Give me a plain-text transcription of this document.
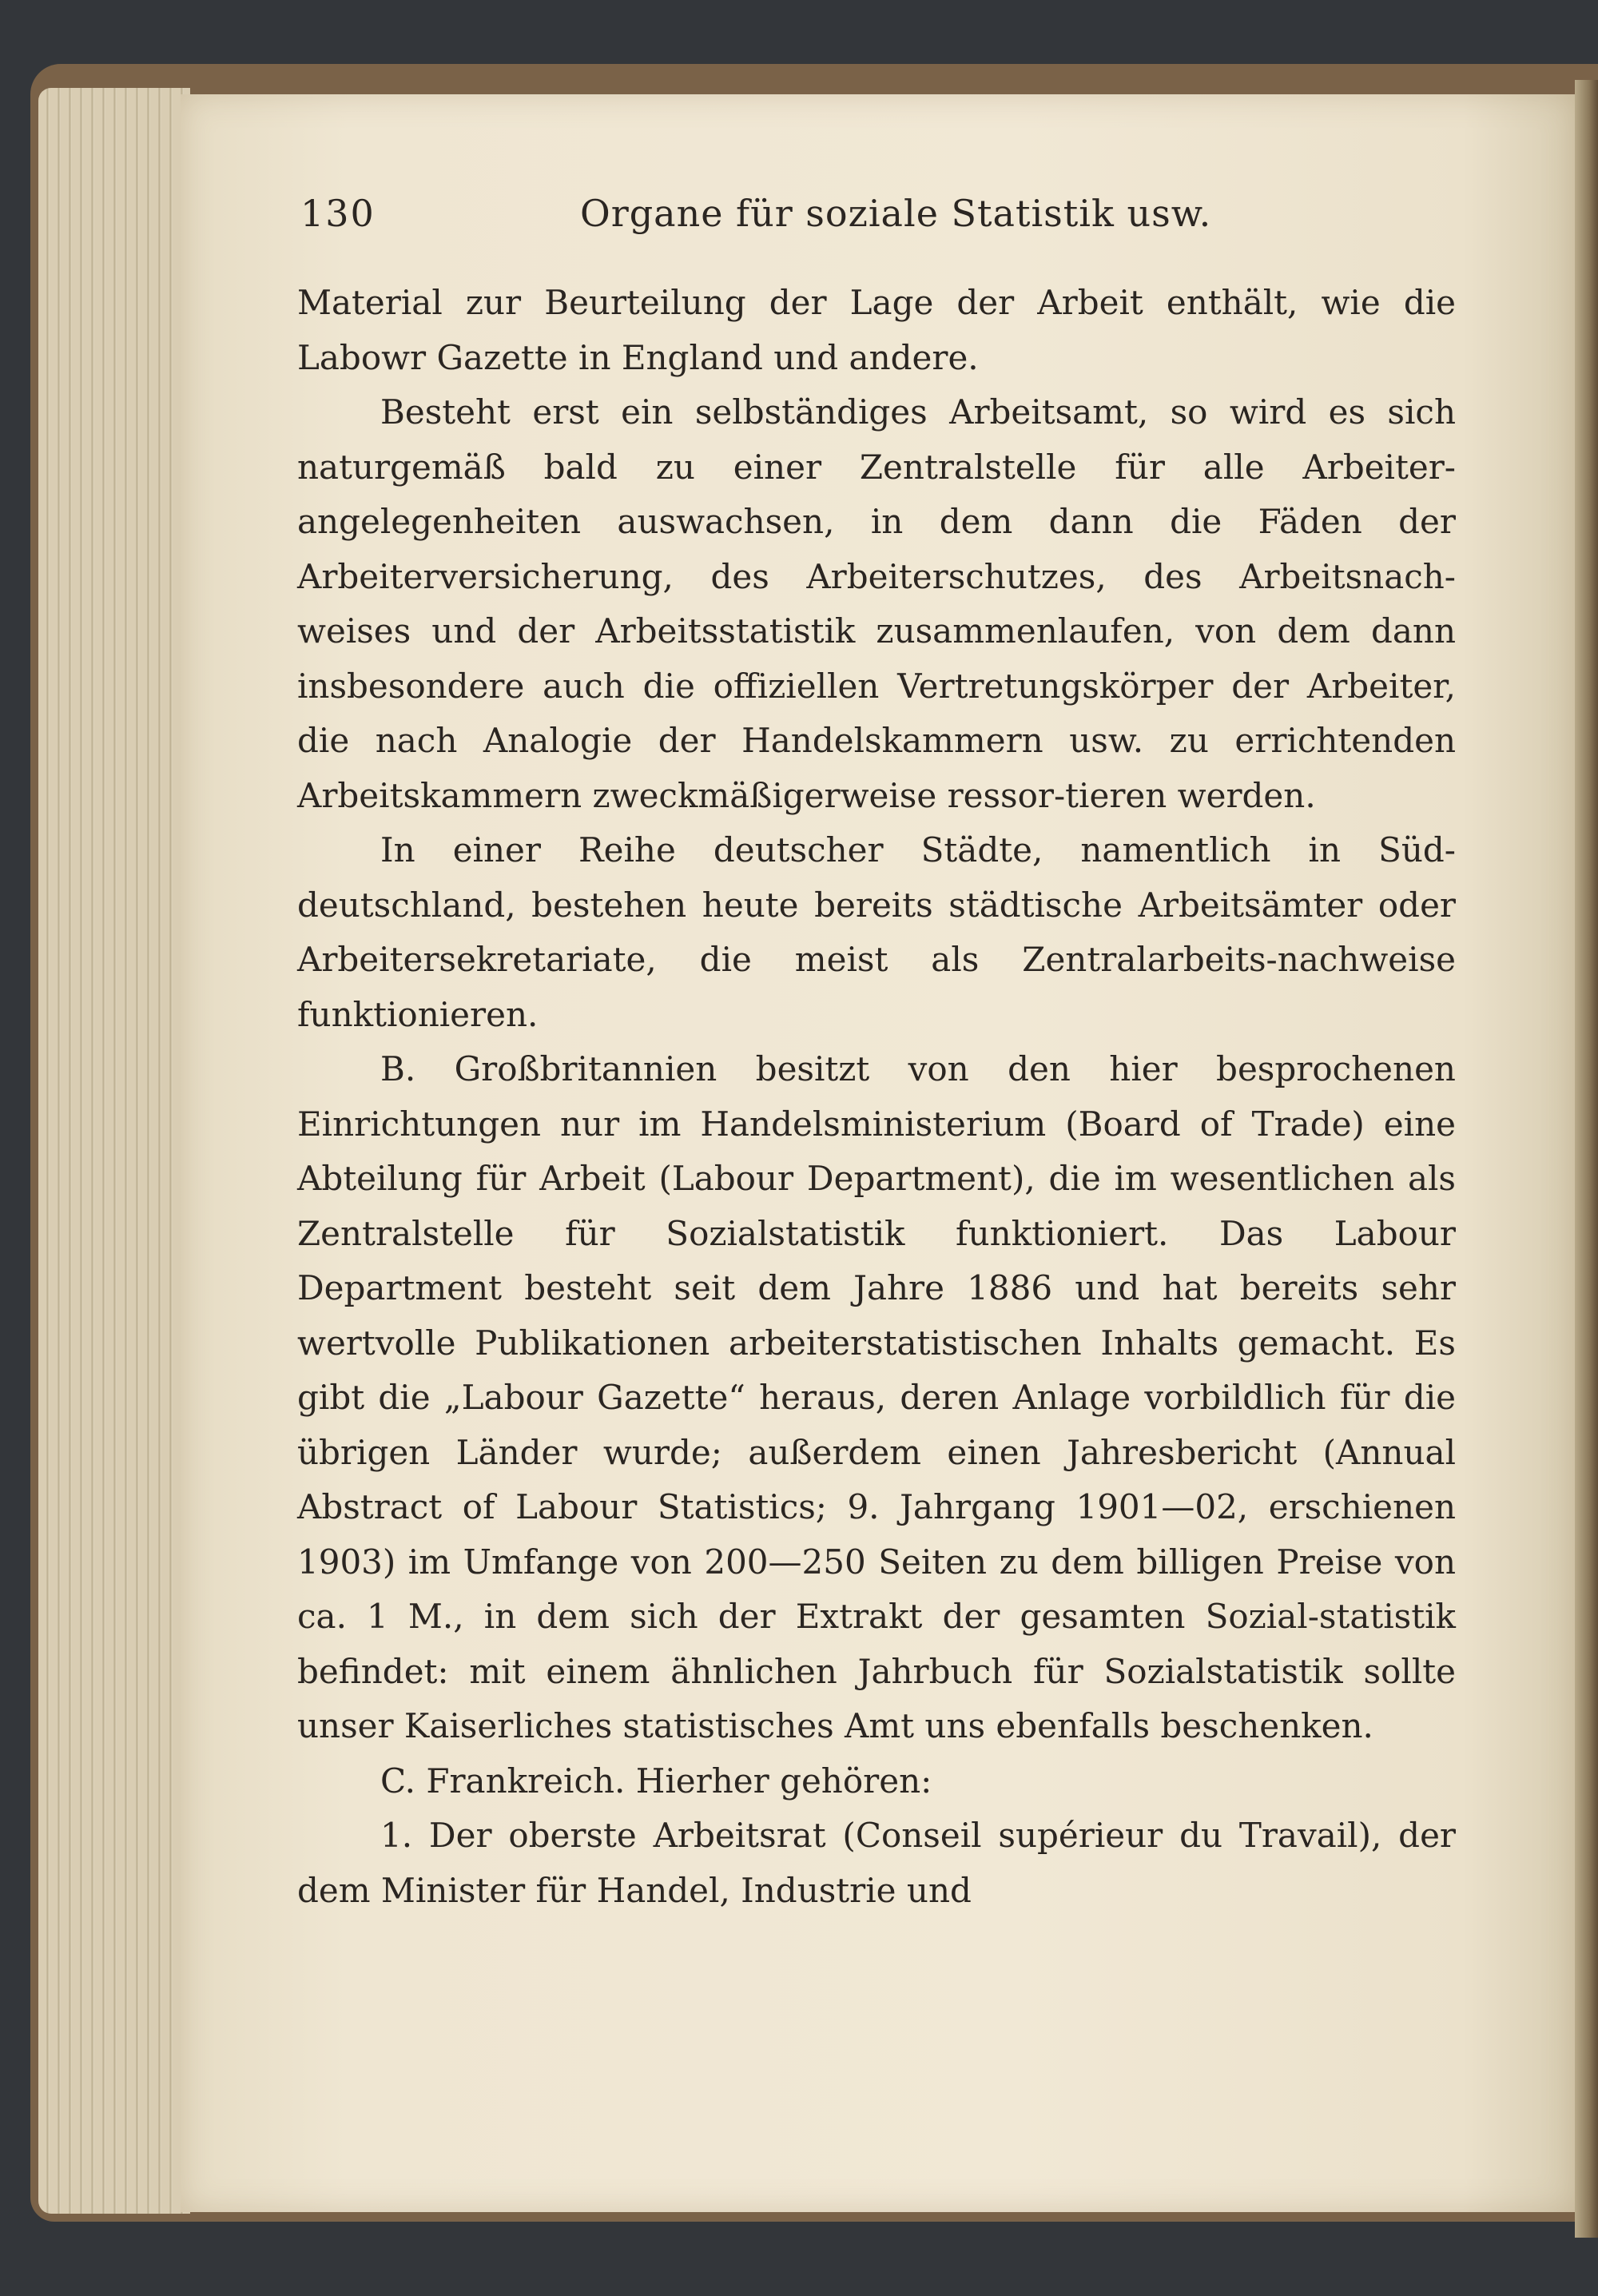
130	Organe für soziale Statistik usw.

Material zur Beurteilung der Lage der Arbeit enthält, wie die Labowr Gazette in England und andere.

Besteht erst ein selbständiges Arbeitsamt, so wird es sich naturgemäß bald zu einer Zentralstelle für alle Arbeiter-angelegenheiten auswachsen, in dem dann die Fäden der Arbeiterversicherung, des Arbeiterschutzes, des Arbeitsnach-weises und der Arbeitsstatistik zusammenlaufen, von dem dann insbesondere auch die offiziellen Vertretungskörper der Arbeiter, die nach Analogie der Handelskammern usw. zu errichtenden Arbeitskammern zweckmäßigerweise ressor-tieren werden.

In einer Reihe deutscher Städte, namentlich in Süd-deutschland, bestehen heute bereits städtische Arbeitsämter oder Arbeitersekretariate, die meist als Zentralarbeits-nachweise funktionieren.

B. Großbritannien besitzt von den hier besprochenen Einrichtungen nur im Handelsministerium (Board of Trade) eine Abteilung für Arbeit (Labour Department), die im wesentlichen als Zentralstelle für Sozialstatistik funktioniert. Das Labour Department besteht seit dem Jahre 1886 und hat bereits sehr wertvolle Publikationen arbeiterstatistischen Inhalts gemacht. Es gibt die „Labour Gazette“ heraus, deren Anlage vorbildlich für die übrigen Länder wurde; außerdem einen Jahresbericht (Annual Abstract of Labour Statistics; 9. Jahrgang 1901—02, erschienen 1903) im Umfange von 200—250 Seiten zu dem billigen Preise von ca. 1 M., in dem sich der Extrakt der gesamten Sozial-statistik befindet: mit einem ähnlichen Jahrbuch für Sozialstatistik sollte unser Kaiserliches statistisches Amt uns ebenfalls beschenken.

C. Frankreich. Hierher gehören:

1. Der oberste Arbeitsrat (Conseil supérieur du Travail), der dem Minister für Handel, Industrie und
